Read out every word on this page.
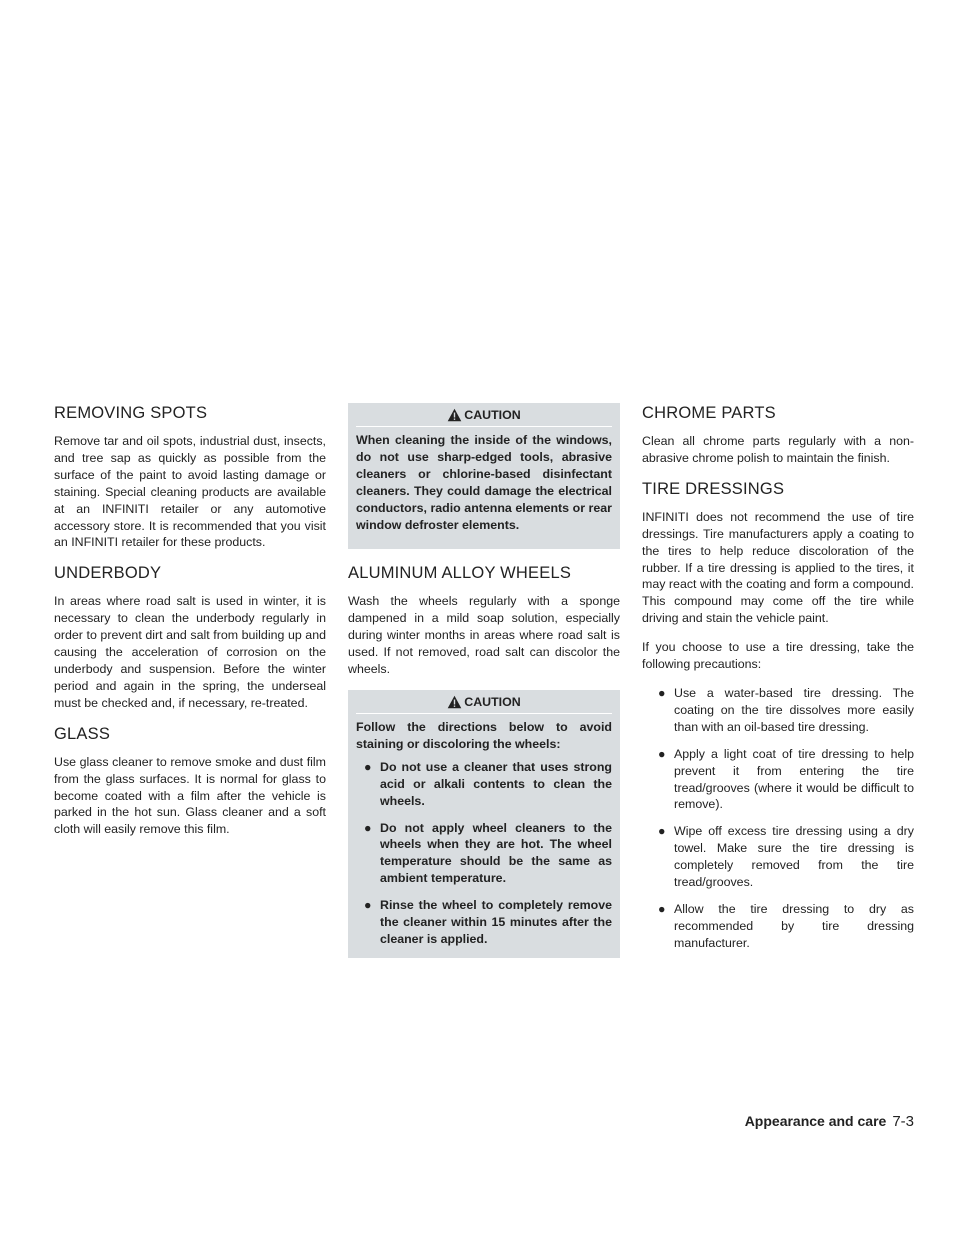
REMOVING SPOTS

Remove tar and oil spots, industrial dust, insects, and tree sap as quickly as possible from the surface of the paint to avoid lasting damage or staining. Special cleaning products are available at an INFINITI retailer or any automotive accessory store. It is recommended that you visit an INFINITI retailer for these products.

UNDERBODY

In areas where road salt is used in winter, it is necessary to clean the underbody regularly in order to prevent dirt and salt from building up and causing the acceleration of corrosion on the underbody and suspension. Before the winter period and again in the spring, the underseal must be checked and, if necessary, re-treated.

GLASS

Use glass cleaner to remove smoke and dust film from the glass surfaces. It is normal for glass to become coated with a film after the vehicle is parked in the hot sun. Glass cleaner and a soft cloth will easily remove this film.

CAUTION

When cleaning the inside of the windows, do not use sharp-edged tools, abrasive cleaners or chlorine-based disinfectant cleaners. They could damage the electrical conductors, radio antenna elements or rear window defroster elements.

ALUMINUM ALLOY WHEELS

Wash the wheels regularly with a sponge dampened in a mild soap solution, especially during winter months in areas where road salt is used. If not removed, road salt can discolor the wheels.

CAUTION

Follow the directions below to avoid staining or discoloring the wheels:

● Do not use a cleaner that uses strong acid or alkali contents to clean the wheels.
● Do not apply wheel cleaners to the wheels when they are hot. The wheel temperature should be the same as ambient temperature.
● Rinse the wheel to completely remove the cleaner within 15 minutes after the cleaner is applied.
CHROME PARTS

Clean all chrome parts regularly with a non-abrasive chrome polish to maintain the finish.

TIRE DRESSINGS

INFINITI does not recommend the use of tire dressings. Tire manufacturers apply a coating to the tires to help reduce discoloration of the rubber. If a tire dressing is applied to the tires, it may react with the coating and form a compound. This compound may come off the tire while driving and stain the vehicle paint.

If you choose to use a tire dressing, take the following precautions:

● Use a water-based tire dressing. The coating on the tire dissolves more easily than with an oil-based tire dressing.
● Apply a light coat of tire dressing to help prevent it from entering the tire tread/grooves (where it would be difficult to remove).
● Wipe off excess tire dressing using a dry towel. Make sure the tire dressing is completely removed from the tire tread/grooves.
● Allow the tire dressing to dry as recommended by tire dressing manufacturer.
Appearance and care 7-3
